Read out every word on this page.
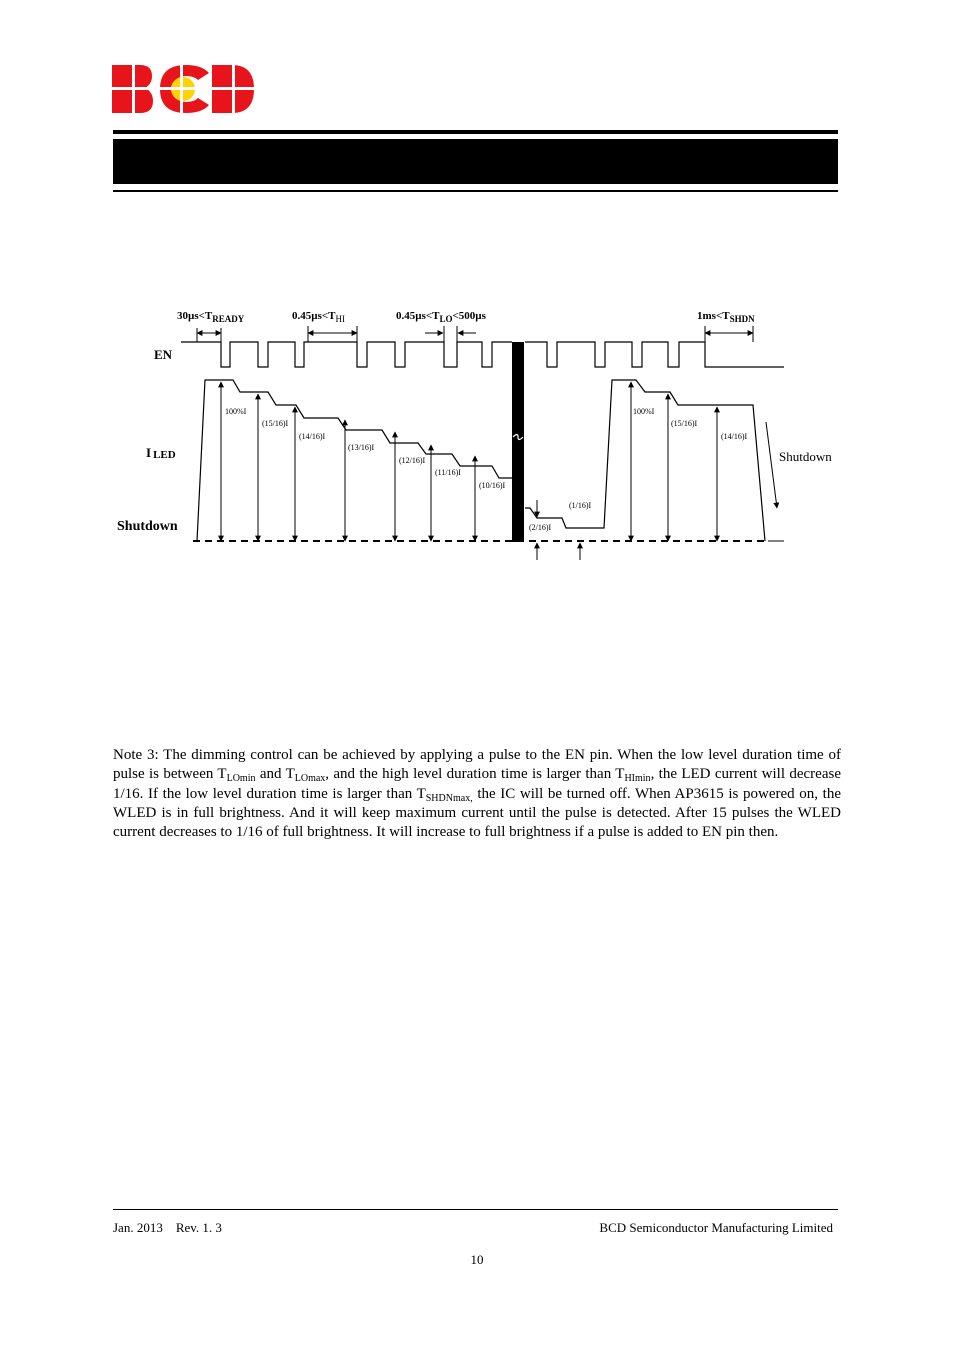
$30\mu s<T_{READY}$	$0.45\mu s<T_{HI}$	$0.45\mu s<T_{LO}<500\mu s$	$1ms<T_{SHDN}$
EN
I LED
Shutdown
100%I
(15/16)I
(14/16)I
(13/16)I
(12/16)I
(11/16)I
(10/16)I
(2/16)I
(1/16)I
100%I
(15/16)I
(14/16)I
Shutdown
Note 3: The dimming control can be achieved by applying a pulse to the EN pin. When the low level duration time of pulse is between $T_{LOmin}$ and $T_{LOmax}$, and the high level duration time is larger than $T_{HImin}$, the LED current will decrease 1/16. If the low level duration time is larger than $T_{SHDNmax,}$ the IC will be turned off. When AP3615 is powered on, the WLED is in full brightness. And it will keep maximum current until the pulse is detected. After 15 pulses the WLED current decreases to 1/16 of full brightness. It will increase to full brightness if a pulse is added to EN pin then.
Jan. 2013    Rev. 1. 3	BCD Semiconductor Manufacturing Limited
10
